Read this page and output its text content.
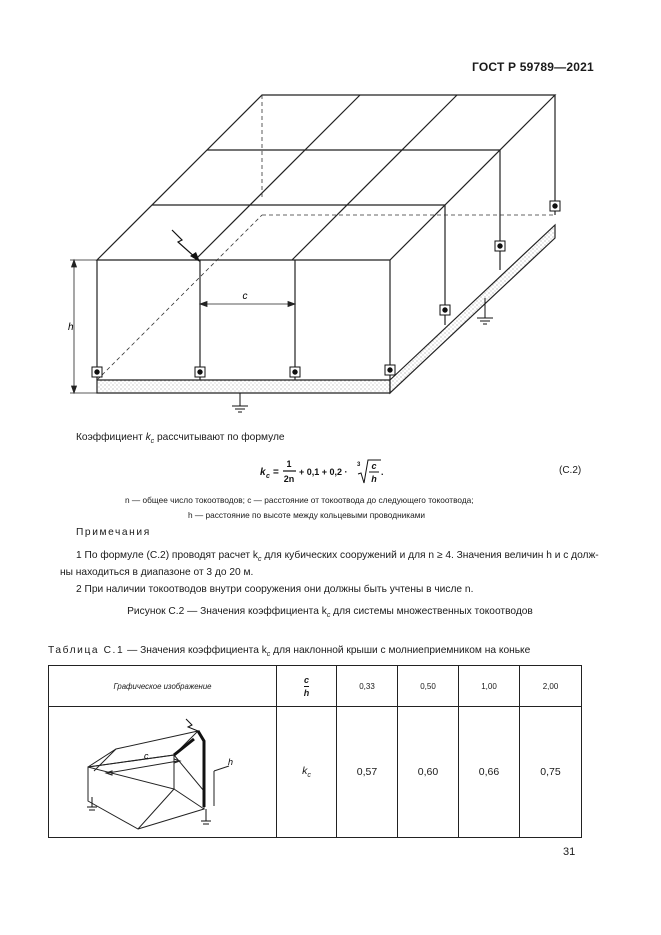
ГОСТ Р 59789—2021
c
h
Коэффициент $k_c$ рассчитывают по формуле
k c =
1
2n
+ 0,1 + 0,2 ·
3 c
h
.	(С.2)
n — общее число токоотводов; c — расстояние от токоотвода до следующего токоотвода;
h — расстояние по высоте между кольцевыми проводниками
Примечания
1 По формуле (С.2) проводят расчет $k_c$ для кубических сооружений и для n ≥ 4. Значения величин h и c долж-
ны находиться в диапазоне от 3 до 20 м.
2 При наличии токоотводов внутри сооружения они должны быть учтены в числе n.
Рисунок С.2 — Значения коэффициента $k_c$ для системы множественных токоотводов
Таблица С.1 — Значения коэффициента $k_c$ для наклонной крыши с молниеприемником на коньке
Графическое изображение	$\frac{c}{h}$	0,33	0,50	1,00	2,00

c
h	$k_c$	0,57	0,60	0,66	0,75
31
